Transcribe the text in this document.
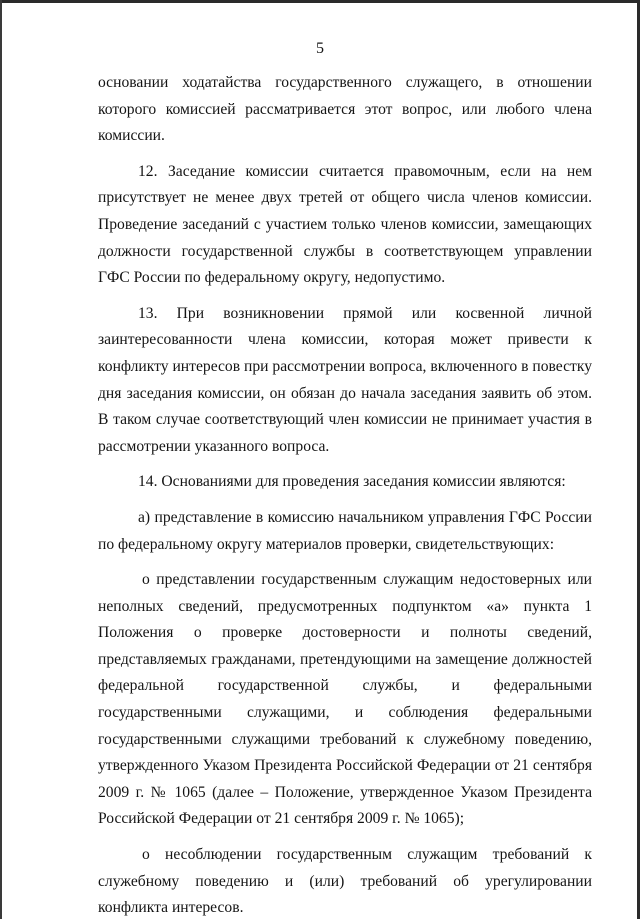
5

основании ходатайства государственного служащего, в отношении которого комиссией рассматривается этот вопрос, или любого члена комиссии.

12. Заседание комиссии считается правомочным, если на нем присутствует не менее двух третей от общего числа членов комиссии. Проведение заседаний с участием только членов комиссии, замещающих должности государственной службы в соответствующем управлении ГФС России по федеральному округу, недопустимо.

13. При возникновении прямой или косвенной личной заинтересованности члена комиссии, которая может привести к конфликту интересов при рассмотрении вопроса, включенного в повестку дня заседания комиссии, он обязан до начала заседания заявить об этом. В таком случае соответствующий член комиссии не принимает участия в рассмотрении указанного вопроса.

14. Основаниями для проведения заседания комиссии являются:

а) представление в комиссию начальником управления ГФС России по федеральному округу материалов проверки, свидетельствующих:

о представлении государственным служащим недостоверных или неполных сведений, предусмотренных подпунктом «а» пункта 1 Положения о проверке достоверности и полноты сведений, представляемых гражданами, претендующими на замещение должностей федеральной государственной службы, и федеральными государственными служащими, и соблюдения федеральными государственными служащими требований к служебному поведению, утвержденного Указом Президента Российской Федерации от 21 сентября 2009 г. № 1065 (далее – Положение, утвержденное Указом Президента Российской Федерации от 21 сентября 2009 г. № 1065);

о несоблюдении государственным служащим требований к служебному поведению и (или) требований об урегулировании конфликта интересов.
